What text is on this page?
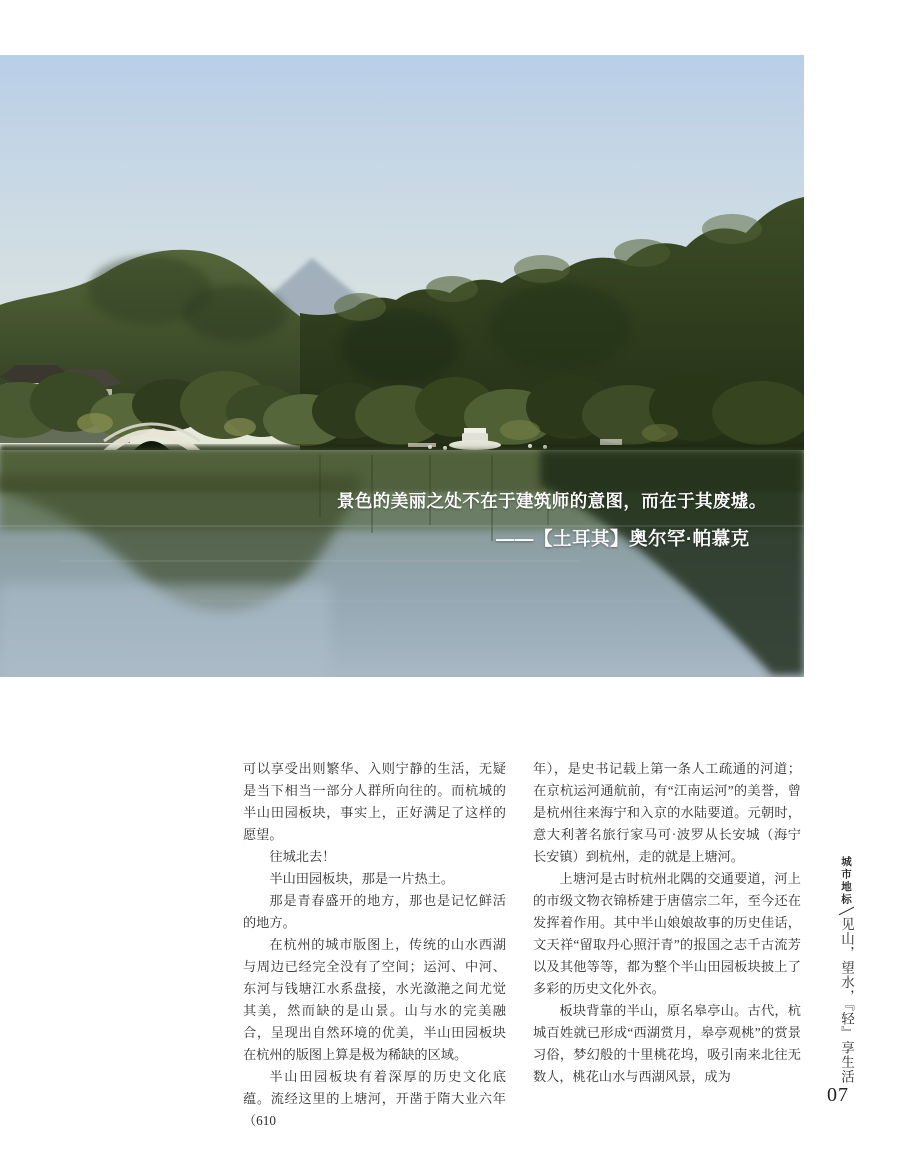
景色的美丽之处不在于建筑师的意图，而在于其废墟。
——【土耳其】奥尔罕·帕慕克

可以享受出则繁华、入则宁静的生活，无疑是当下相当一部分人群所向往的。而杭城的半山田园板块，事实上，正好满足了这样的愿望。

往城北去！

半山田园板块，那是一片热土。

那是青春盛开的地方，那也是记忆鲜活的地方。

在杭州的城市版图上，传统的山水西湖与周边已经完全没有了空间；运河、中河、东河与钱塘江水系盘接，水光潋滟之间尤觉其美，然而缺的是山景。山与水的完美融合，呈现出自然环境的优美，半山田园板块在杭州的版图上算是极为稀缺的区域。

半山田园板块有着深厚的历史文化底蕴。流经这里的上塘河，开凿于隋大业六年（610

年），是史书记载上第一条人工疏通的河道；在京杭运河通航前，有“江南运河”的美誉，曾是杭州往来海宁和入京的水陆要道。元朝时，意大利著名旅行家马可·波罗从长安城（海宁长安镇）到杭州，走的就是上塘河。

上塘河是古时杭州北隅的交通要道，河上的市级文物衣锦桥建于唐僖宗二年，至今还在发挥着作用。其中半山娘娘故事的历史佳话，文天祥“留取丹心照汗青”的报国之志千古流芳以及其他等等，都为整个半山田园板块披上了多彩的历史文化外衣。

板块背靠的半山，原名皋亭山。古代，杭城百姓就已形成“西湖赏月，皋亭观桃”的赏景习俗，梦幻般的十里桃花坞，吸引南来北往无数人，桃花山水与西湖风景，成为

城市地标╲见山，望水，『轻』享生活
07
